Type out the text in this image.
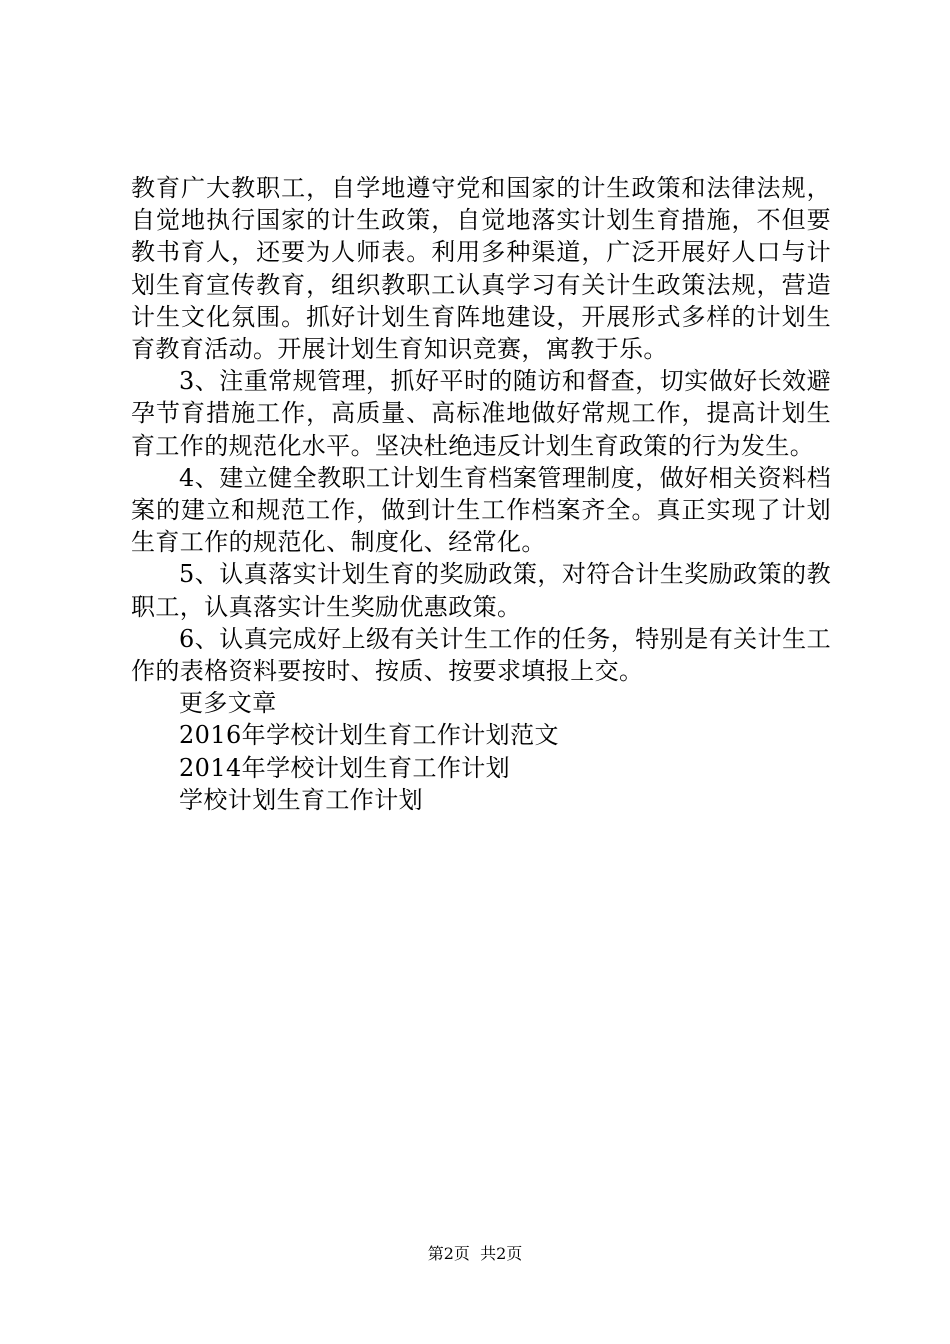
教育广大教职工，自学地遵守党和国家的计生政策和法律法规，自觉地执行国家的计生政策，自觉地落实计划生育措施，不但要教书育人，还要为人师表。利用多种渠道，广泛开展好人口与计划生育宣传教育，组织教职工认真学习有关计生政策法规，营造计生文化氛围。抓好计划生育阵地建设，开展形式多样的计划生育教育活动。开展计划生育知识竞赛，寓教于乐。

3、注重常规管理，抓好平时的随访和督查，切实做好长效避孕节育措施工作，高质量、高标准地做好常规工作，提高计划生育工作的规范化水平。坚决杜绝违反计划生育政策的行为发生。

4、建立健全教职工计划生育档案管理制度，做好相关资料档案的建立和规范工作，做到计生工作档案齐全。真正实现了计划生育工作的规范化、制度化、经常化。

5、认真落实计划生育的奖励政策，对符合计生奖励政策的教职工，认真落实计生奖励优惠政策。

6、认真完成好上级有关计生工作的任务，特别是有关计生工作的表格资料要按时、按质、按要求填报上交。

更多文章

2016年学校计划生育工作计划范文

2014年学校计划生育工作计划

学校计划生育工作计划

第2页 共2页
